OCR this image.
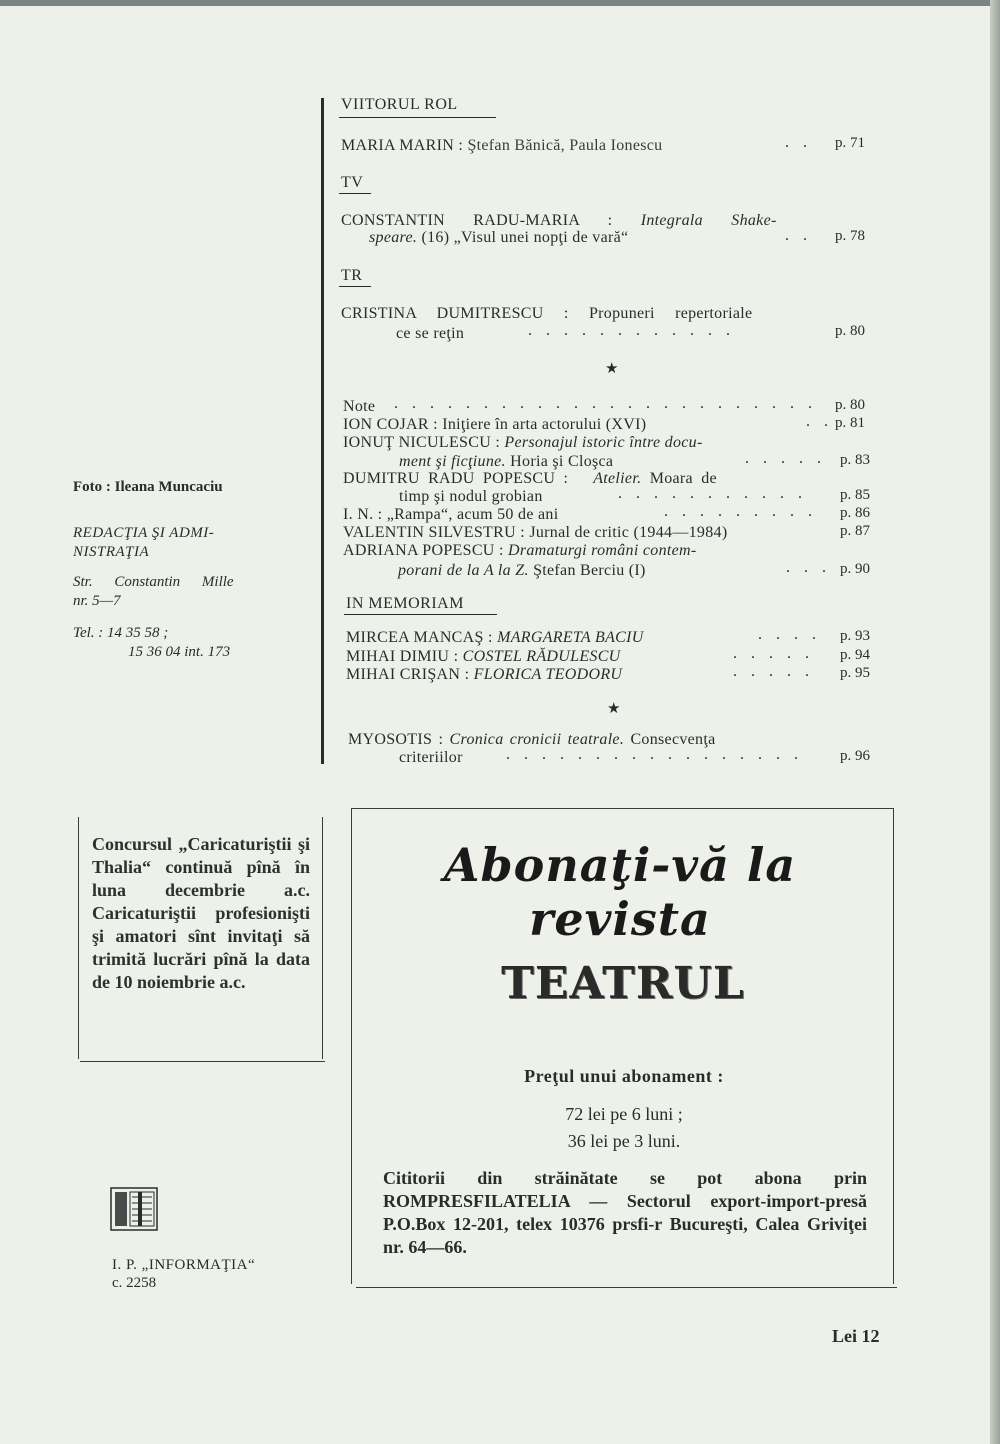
Foto : Ileana Muncaciu
REDACŢIA ŞI ADMI-
NISTRAŢIA
Str. Constantin Mille
nr. 5—7
Tel. : 14 35 58 ;
15 36 04 int. 173
VIITORUL ROL
MARIA MARIN : Ştefan Bănică, Paula Ionescu	. .	p. 71
TV
CONSTANTIN RADU-MARIA : Integrala Shake-
speare. (16) „Visul unei nopţi de vară“	. .	p. 78
TR
CRISTINA DUMITRESCU : Propuneri repertoriale
ce se reţin	. . . . . . . . . . . .	p. 80
★
Note . . . . . . . . . . . . . . . . . . . . . . . .	p. 80
ION COJAR : Iniţiere în arta actorului (XVI)	. . p. 81
IONUŢ NICULESCU : Personajul istoric între docu-
ment şi ficţiune. Horia şi Cloşca	. . . . . p. 83
DUMITRU RADU POPESCU : Atelier. Moara de
timp şi nodul grobian	. . . . . . . . . . .	p. 85
I. N. : „Rampa“, acum 50 de ani	. . . . . . . . .	p. 86
VALENTIN SILVESTRU : Jurnal de critic (1944—1984)	p. 87
ADRIANA POPESCU : Dramaturgi români contem-
porani de la A la Z. Ştefan Berciu (I)	. . . p. 90
IN MEMORIAM
MIRCEA MANCAŞ : MARGARETA BACIU	. . . .	p. 93
MIHAI DIMIU : COSTEL RĂDULESCU	. . . . .	p. 94
MIHAI CRIŞAN : FLORICA TEODORU	. . . . .	p. 95
★
MYOSOTIS : Cronica cronicii teatrale. Consecvenţa
criteriilor	. . . . . . . . . . . . . . . . .	p. 96
Concursul „Caricaturiştii şi Thalia“ continuă pînă în luna decembrie a.c. Caricaturiştii profesionişti şi amatori sînt invitaţi să trimită lucrări pînă la data de 10 noiembrie a.c.
Abonaţi-vă la revista
TEATRUL
Preţul unui abonament :
72 lei pe 6 luni ;
36 lei pe 3 luni.
Cititorii din străinătate se pot abona prin ROMPRESFILATELIA — Sectorul export-import-presă P.O.Box 12-201, telex 10376 prsfi-r Bucureşti, Calea Griviţei nr. 64—66.
I. P. „INFORMAŢIA“
c. 2258
Lei 12
